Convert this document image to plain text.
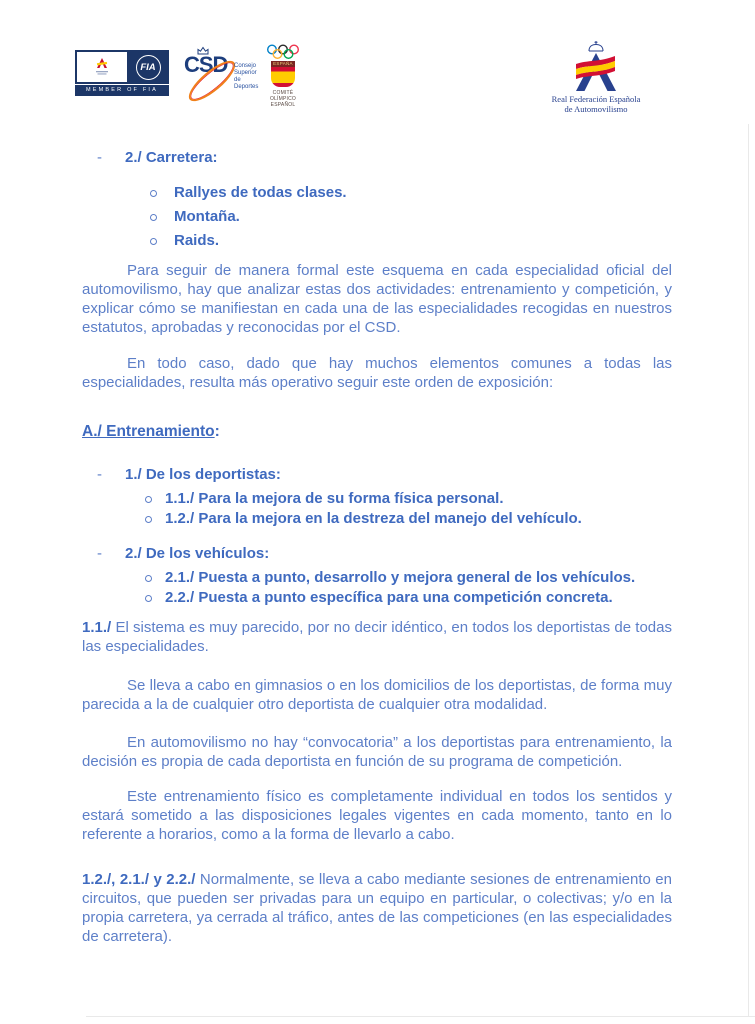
FIA
MEMBER OF FIA
CSD Consejo
Superior de
Deportes
ESPAÑA
COMITÉ OLÍMPICO
ESPAÑOL
Real Federación Española
de Automovilismo
-	2./ Carretera:
Rallyes de todas clases.
Montaña.
Raids.

Para seguir de manera formal este esquema en cada especialidad oficial del automovilismo, hay que analizar estas dos actividades: entrenamiento y competición, y explicar cómo se manifiestan en cada una de las especialidades recogidas en nuestros estatutos, aprobadas y reconocidas por el CSD.

En todo caso, dado que hay muchos elementos comunes a todas las especialidades, resulta más operativo seguir este orden de exposición:

A./ Entrenamiento:
-	1./ De los deportistas:
1.1./ Para la mejora de su forma física personal.
1.2./ Para la mejora en la destreza del manejo del vehículo.
-	2./ De los vehículos:
2.1./ Puesta a punto, desarrollo y mejora general de los vehículos.
2.2./ Puesta a punto específica para una competición concreta.

1.1./ El sistema es muy parecido, por no decir idéntico, en todos los deportistas de todas las especialidades.

Se lleva a cabo en gimnasios o en los domicilios de los deportistas, de forma muy parecida a la de cualquier otro deportista de cualquier otra modalidad.

En automovilismo no hay “convocatoria” a los deportistas para entrenamiento, la decisión es propia de cada deportista en función de su programa de competición.

Este entrenamiento físico es completamente individual en todos los sentidos y estará sometido a las disposiciones legales vigentes en cada momento, tanto en lo referente a horarios, como a la forma de llevarlo a cabo.

1.2./, 2.1./ y 2.2./ Normalmente, se lleva a cabo mediante sesiones de entrenamiento en circuitos, que pueden ser privadas para un equipo en particular, o colectivas; y/o en la propia carretera, ya cerrada al tráfico, antes de las competiciones (en las especialidades de carretera).
